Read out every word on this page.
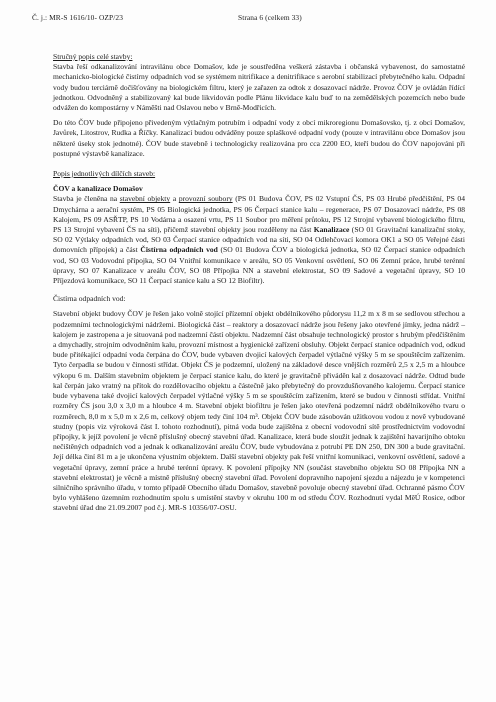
Č. j.: MR-S 1616/10- OZP/23	Strana 6 (celkem 33)

Stručný popis celé stavby:

Stavba řeší odkanalizování intravilánu obce Domašov, kde je soustředěna veškerá zástavba i občanská vybavenost, do samostatné mechanicko-biologické čistírny odpadních vod se systémem nitrifikace a denitrifikace s aerobní stabilizací přebytečného kalu. Odpadní vody budou terciárně dočišťovány na biologickém filtru, který je zařazen za odtok z dosazovací nádrže. Provoz ČOV je ovládán řídící jednotkou. Odvodněný a stabilizovaný kal bude likvidován podle Plánu likvidace kalu buď to na zemědělských pozemcích nebo bude odvážen do kompostárny v Náměšti nad Oslavou nebo v Brně-Modřicích.

Do této ČOV bude připojeno přivedeným výtlačným potrubím i odpadní vody z obcí mikroregionu Domašovsko, tj. z obcí Domašov, Javůrek, Litostrov, Rudka a Říčky. Kanalizací budou odváděny pouze splaškové odpadní vody (pouze v intravilánu obce Domašov jsou některé úseky stok jednotné). ČOV bude stavebně i technologicky realizována pro cca 2200 EO, kteří budou do ČOV napojováni při postupné výstavbě kanalizace.

Popis jednotlivých dílčích staveb:

ČOV a kanalizace Domašov

Stavba je členěna na stavební objekty a provozní soubory (PS 01 Budova ČOV, PS 02 Vstupní ČS, PS 03 Hrubé předčištění, PS 04 Dmychárna a aerační systém, PS 05 Biologická jednotka, PS 06 Čerpací stanice kalu – regenerace, PS 07 Dosazovací nádrže, PS 08 Kalojem, PS 09 ASŘTP, PS 10 Vodárna a osazení vrtu, PS 11 Soubor pro měření průtoku, PS 12 Strojní vybavení biologického filtru, PS 13 Strojní vybavení ČS na síti), přičemž stavební objekty jsou rozděleny na část Kanalizace (SO 01 Gravitační kanalizační stoky, SO 02 Výtlaky odpadních vod, SO 03 Čerpací stanice odpadních vod na síti, SO 04 Odlehčovací komora OK1 a SO 05 Veřejné části domovních přípojek) a část Čistírna odpadních vod (SO 01 Budova ČOV a biologická jednotka, SO 02 Čerpací stanice odpadních vod, SO 03 Vodovodní přípojka, SO 04 Vnitřní komunikace v areálu, SO 05 Venkovní osvětlení, SO 06 Zemní práce, hrubé terénní úpravy, SO 07 Kanalizace v areálu ČOV, SO 08 Přípojka NN a stavební elektrostat, SO 09 Sadové a vegetační úpravy, SO 10 Příjezdová komunikace, SO 11 Čerpací stanice kalu a SO 12 Biofiltr).

Čistírna odpadních vod:

Stavební objekt budovy ČOV je řešen jako volně stojící přízemní objekt obdélníkového půdorysu 11,2 m x 8 m se sedlovou střechou a podzemními technologickými nádržemi. Biologická část – reaktory a dosazovací nádrže jsou řešeny jako otevřené jímky, jedna nádrž – kalojem je zastropena a je situovaná pod nadzemní částí objektu. Nadzemní část obsahuje technologický prostor s hrubým předčištěním a dmychadly, strojním odvodněním kalu, provozní místnost a hygienické zařízení obsluhy. Objekt čerpací stanice odpadních vod, odkud bude přitékající odpadní voda čerpána do ČOV, bude vybaven dvojicí kalových čerpadel výtlačné výšky 5 m se spouštěcím zařízením. Tyto čerpadla se budou v činnosti střídat. Objekt ČS je podzemní, uložený na základové desce vnějších rozměrů 2,5 x 2,5 m a hloubce výkopu 6 m. Dalším stavebním objektem je čerpací stanice kalu, do které je gravitačně přiváděn kal z dosazovací nádrže. Odtud bude kal čerpán jako vratný na přítok do rozdělovacího objektu a částečně jako přebytečný do provzdušňovaného kalojemu. Čerpací stanice bude vybavena také dvojicí kalových čerpadel výtlačné výšky 5 m se spouštěcím zařízením, které se budou v činnosti střídat. Vnitřní rozměry ČS jsou 3,0 x 3,0 m a hloubce 4 m. Stavební objekt biofiltru je řešen jako otevřená podzemní nádrž obdélníkového tvaru o rozměrech, 8,0 m x 5,0 m x 2,6 m, celkový objem tedy činí 104 m³. Objekt ČOV bude zásobován užitkovou vodou z nově vybudované studny (popis viz výroková část I. tohoto rozhodnutí), pitná voda bude zajištěna z obecní vodovodní sítě prostřednictvím vodovodní přípojky, k jejíž povolení je věcně příslušný obecný stavební úřad. Kanalizace, která bude sloužit jednak k zajištění havarijního obtoku nečištěných odpadních vod a jednak k odkanalizování areálu ČOV, bude vybudována z potrubí PE DN 250, DN 300 a bude gravitační. Její délka činí 81 m a je ukončena výustním objektem. Další stavební objekty pak řeší vnitřní komunikaci, venkovní osvětlení, sadové a vegetační úpravy, zemní práce a hrubé terénní úpravy. K povolení přípojky NN (součást stavebního objektu SO 08 Přípojka NN a stavební elektrostat) je věcně a místně příslušný obecný stavební úřad. Povolení dopravního napojení sjezdu a nájezdu je v kompetenci silničního správního úřadu, v tomto případě Obecního úřadu Domašov, stavebně povoluje obecný stavební úřad. Ochranné pásmo ČOV bylo vyhlášeno územním rozhodnutím spolu s umístění stavby v okruhu 100 m od středu ČOV. Rozhodnutí vydal MěÚ Rosice, odbor stavební úřad dne 21.09.2007 pod č.j. MR-S 10356/07-OSU.
